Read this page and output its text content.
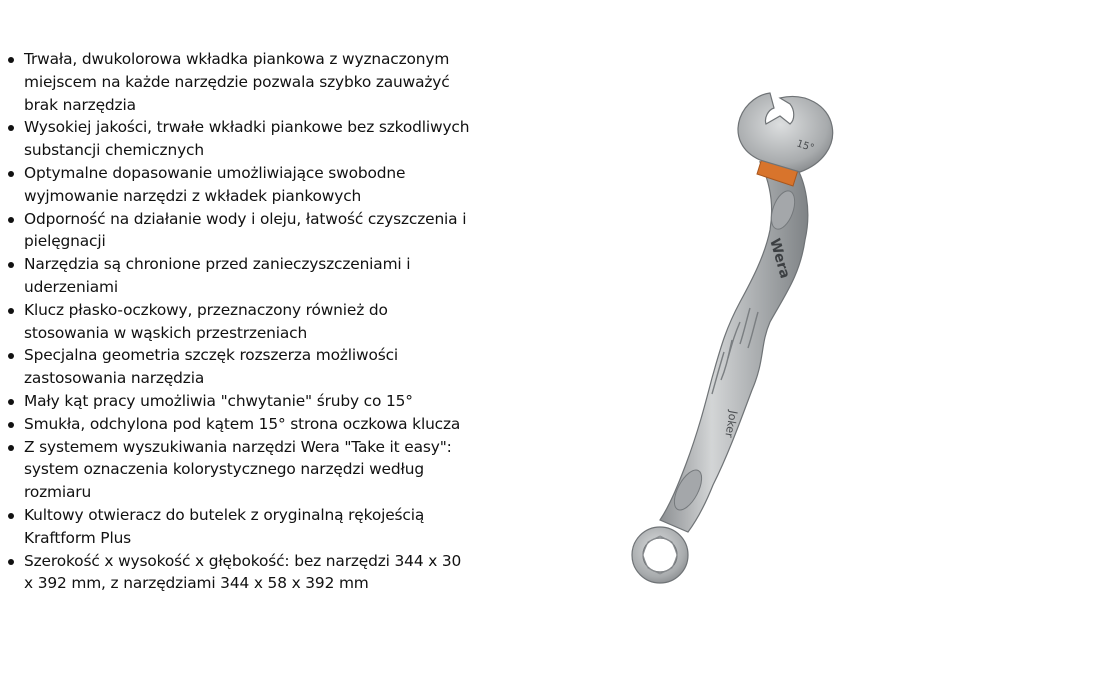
Trwała, dwukolorowa wkładka piankowa z wyznaczonym miejscem na każde narzędzie pozwala szybko zauważyć brak narzędzia
Wysokiej jakości, trwałe wkładki piankowe bez szkodliwych substancji chemicznych
Optymalne dopasowanie umożliwiające swobodne wyjmowanie narzędzi z wkładek piankowych
Odporność na działanie wody i oleju, łatwość czyszczenia i pielęgnacji
Narzędzia są chronione przed zanieczyszczeniami i uderzeniami
Klucz płasko-oczkowy, przeznaczony również do stosowania w wąskich przestrzeniach
Specjalna geometria szczęk rozszerza możliwości zastosowania narzędzia
Mały kąt pracy umożliwia "chwytanie" śruby co 15°
Smukła, odchylona pod kątem 15° strona oczkowa klucza
Z systemem wyszukiwania narzędzi Wera "Take it easy": system oznaczenia kolorystycznego narzędzi według rozmiaru
Kultowy otwieracz do butelek z oryginalną rękojeścią Kraftform Plus
Szerokość x wysokość x głębokość: bez narzędzi 344 x 30 x 392 mm, z narzędziami 344 x 58 x 392 mm
15°
Wera
Joker
